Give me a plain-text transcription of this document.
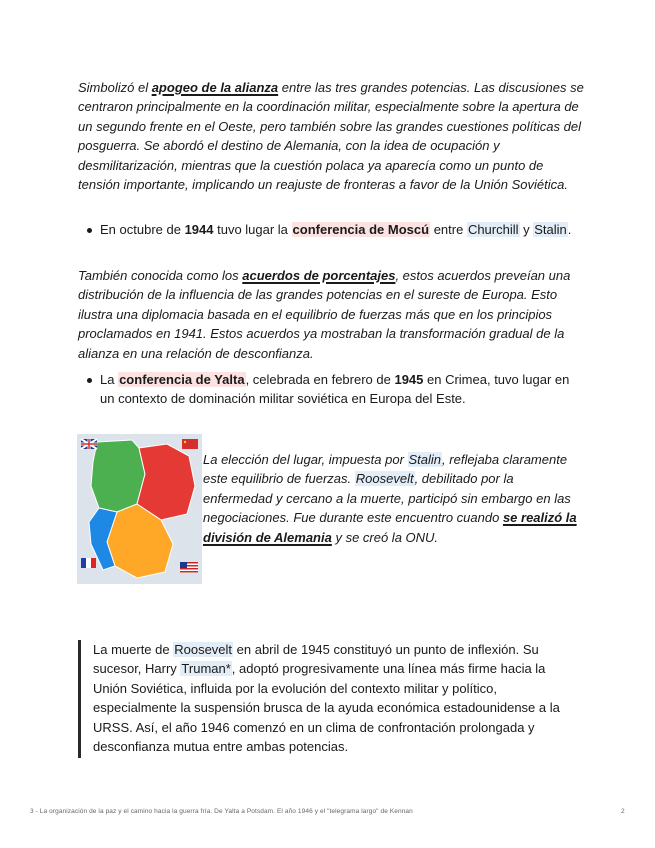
Simbolizó el apogeo de la alianza entre las tres grandes potencias. Las discusiones se centraron principalmente en la coordinación militar, especialmente sobre la apertura de un segundo frente en el Oeste, pero también sobre las grandes cuestiones políticas del posguerra. Se abordó el destino de Alemania, con la idea de ocupación y desmilitarización, mientras que la cuestión polaca ya aparecía como un punto de tensión importante, implicando un reajuste de fronteras a favor de la Unión Soviética.

En octubre de 1944 tuvo lugar la conferencia de Moscú entre Churchill y Stalin.

También conocida como los acuerdos de porcentajes, estos acuerdos preveían una distribución de la influencia de las grandes potencias en el sureste de Europa. Esto ilustra una diplomacia basada en el equilibrio de fuerzas más que en los principios proclamados en 1941. Estos acuerdos ya mostraban la transformación gradual de la alianza en una relación de desconfianza.

La conferencia de Yalta, celebrada en febrero de 1945 en Crimea, tuvo lugar en un contexto de dominación militar soviética en Europa del Este.

La elección del lugar, impuesta por Stalin, reflejaba claramente este equilibrio de fuerzas. Roosevelt, debilitado por la enfermedad y cercano a la muerte, participó sin embargo en las negociaciones. Fue durante este encuentro cuando se realizó la división de Alemania y se creó la ONU.

La muerte de Roosevelt en abril de 1945 constituyó un punto de inflexión. Su sucesor, Harry Truman*, adoptó progresivamente una línea más firme hacia la Unión Soviética, influida por la evolución del contexto militar y político, especialmente la suspensión brusca de la ayuda económica estadounidense a la URSS. Así, el año 1946 comenzó en un clima de confrontación prolongada y desconfianza mutua entre ambas potencias.

3 - La organización de la paz y el camino hacia la guerra fría. De Yalta a Potsdam. El año 1946 y el "telegrama largo" de Kennan	2
